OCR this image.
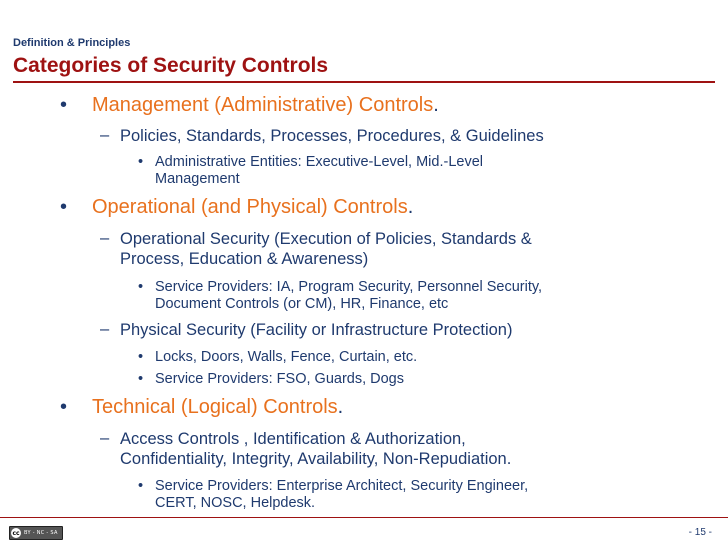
Definition & Principles
Categories of Security Controls
• Management (Administrative) Controls.
– Policies, Standards, Processes, Procedures, & Guidelines
• Administrative Entities: Executive-Level, Mid.-Level
Management
• Operational (and Physical) Controls.
– Operational Security (Execution of Policies, Standards &
Process, Education & Awareness)
• Service Providers: IA, Program Security, Personnel Security,
Document Controls (or CM), HR, Finance, etc
– Physical Security (Facility or Infrastructure Protection)
• Locks, Doors, Walls, Fence, Curtain, etc.
• Service Providers: FSO, Guards, Dogs
• Technical (Logical) Controls.
– Access Controls , Identification & Authorization,
Confidentiality, Integrity, Availability, Non-Repudiation.
• Service Providers: Enterprise Architect, Security Engineer,
CERT, NOSC, Helpdesk.
cc BY - NC - SA	- 15 -
